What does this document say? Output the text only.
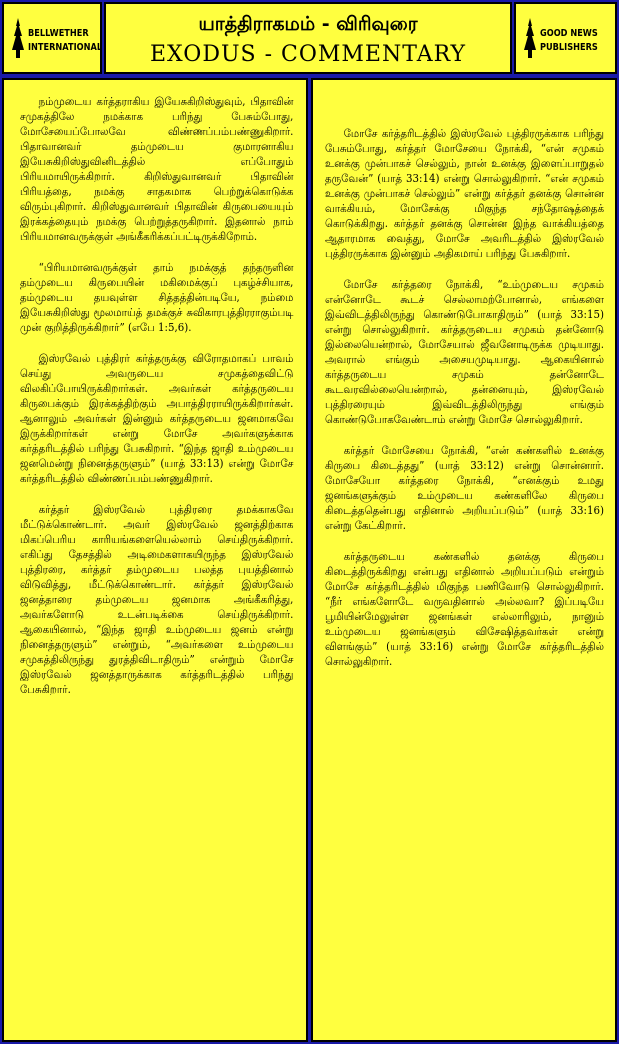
BELLWETHER
INTERNATIONAL
யாத்திராகமம் - விரிவுரை
EXODUS - COMMENTARY
GOOD NEWS
PUBLISHERS

நம்முடைய கர்த்தராகிய இயேசுகிறிஸ்துவும், பிதாவின் சமுகத்திலே நமக்காக பரிந்து பேசும்போது, மோசேயைப்போலவே விண்ணப்பம்பண்ணுகிறார். பிதாவானவர் தம்முடைய குமாரனாகிய இயேசுகிறிஸ்துவினிடத்தில் எப்போதும் பிரியமாயிருக்கிறார். கிறிஸ்துவானவர் பிதாவின் பிரியத்தை, நமக்கு சாதகமாக பெற்றுக்கொடுக்க விரும்புகிறார். கிறிஸ்துவானவர் பிதாவின் கிருபையையும் இரக்கத்தையும் நமக்கு பெற்றுத்தருகிறார். இதனால் நாம் பிரியமானவருக்குள் அங்கீகரிக்கப்பட்டிருக்கிறோம்.

“பிரியமானவருக்குள் தாம் நமக்குத் தந்தருளின தம்முடைய கிருபையின் மகிமைக்குப் புகழ்ச்சியாக, தம்முடைய தயவுள்ள சித்தத்தின்படியே, நம்மை இயேசுகிறிஸ்து மூலமாய்த் தமக்குச் சுவிகாரபுத்திரராகும்படி முன் குறித்திருக்கிறார்” (எபே 1:5,6).

இஸ்ரவேல் புத்திரர் கர்த்தருக்கு விரோதமாகப் பாவம் செய்து அவருடைய சமுகத்தைவிட்டு விலகிப்போயிருக்கிறார்கள். அவர்கள் கர்த்தருடைய கிருபைக்கும் இரக்கத்திற்கும் அபாத்திரராயிருக்கிறார்கள். ஆனாலும் அவர்கள் இன்னும் கர்த்தருடைய ஜனமாகவே இருக்கிறார்கள் என்று மோசே அவர்களுக்காக கர்த்தரிடத்தில் பரிந்து பேசுகிறார். “இந்த ஜாதி உம்முடைய ஜனமென்று நினைத்தருளும்” (யாத் 33:13) என்று மோசே கர்த்தரிடத்தில் விண்ணப்பம்பண்ணுகிறார்.

கர்த்தர் இஸ்ரவேல் புத்திரரை தமக்காகவே மீட்டுக்கொண்டார். அவர் இஸ்ரவேல் ஜனத்திற்காக மிகப்பெரிய காரியங்களையெல்லாம் செய்திருக்கிறார். எகிப்து தேசத்தில் அடிமைகளாகயிருந்த இஸ்ரவேல் புத்திரரை, கர்த்தர் தம்முடைய பலத்த புயத்தினால் விடுவித்து, மீட்டுக்கொண்டார். கர்த்தர் இஸ்ரவேல் ஜனத்தாரை தம்முடைய ஜனமாக அங்கீகரித்து, அவர்களோடு உடன்படிக்கை செய்திருக்கிறார். ஆகையினால், “இந்த ஜாதி உம்முடைய ஜனம் என்று நினைத்தருளும்” என்றும், “அவர்களை உம்முடைய சமுகத்திலிருந்து துரத்திவிடாதிரும்” என்றும் மோசே இஸ்ரவேல் ஜனத்தாருக்காக கர்த்தரிடத்தில் பரிந்து பேசுகிறார்.

மோசே கர்த்தரிடத்தில் இஸ்ரவேல் புத்திரருக்காக பரிந்து பேசும்போது, கர்த்தர் மோசேயை நோக்கி, “என் சமுகம் உனக்கு முன்பாகச் செல்லும், நான் உனக்கு இளைப்பாறுதல் தருவேன்” (யாத் 33:14) என்று சொல்லுகிறார். “என் சமுகம் உனக்கு முன்பாகச் செல்லும்” என்று கர்த்தர் தனக்கு சொன்ன வாக்கியம், மோசேக்கு மிகுந்த சந்தோஷத்தைக் கொடுக்கிறது. கர்த்தர் தனக்கு சொன்ன இந்த வாக்கியத்தை ஆதாரமாக வைத்து, மோசே அவரிடத்தில் இஸ்ரவேல் புத்திரருக்காக இன்னும் அதிகமாய் பரிந்து பேசுகிறார்.

மோசே கர்த்தரை நோக்கி, “உம்முடைய சமுகம் என்னோடே கூடச் செல்லாமற்போனால், எங்களை இவ்விடத்திலிருந்து கொண்டுபோகாதிரும்” (யாத் 33:15) என்று சொல்லுகிறார். கர்த்தருடைய சமுகம் தன்னோடு இல்லையென்றால், மோசேயால் ஜீவனோடிருக்க முடியாது. அவரால் எங்கும் அசையமுடியாது. ஆகையினால் கர்த்தருடைய சமுகம் தன்னோடே கூடவரவில்லையென்றால், தன்னையும், இஸ்ரவேல் புத்திரரையும் இவ்விடத்திலிருந்து எங்கும் கொண்டுபோகவேண்டாம் என்று மோசே சொல்லுகிறார்.

கர்த்தர் மோசேயை நோக்கி, “என் கண்களில் உனக்கு கிருபை கிடைத்தது” (யாத் 33:12) என்று சொன்னார். மோசேயோ கர்த்தரை நோக்கி, “எனக்கும் உமது ஜனங்களுக்கும் உம்முடைய கண்களிலே கிருபை கிடைத்ததென்பது எதினால் அறியப்படும்” (யாத் 33:16) என்று கேட்கிறார்.

கர்த்தருடைய கண்களில் தனக்கு கிருபை கிடைத்திருக்கிறது என்பது எதினால் அறியப்படும் என்றும் மோசே கர்த்தரிடத்தில் மிகுந்த பணிவோடு சொல்லுகிறார். “நீர் எங்களோடே வருவதினால் அல்லவா? இப்படியே பூமியின்மேலுள்ள ஜனங்கள் எல்லாரிலும், நானும் உம்முடைய ஜனங்களும் விசேஷித்தவர்கள் என்று விளங்கும்” (யாத் 33:16) என்று மோசே கர்த்தரிடத்தில் சொல்லுகிறார்.
